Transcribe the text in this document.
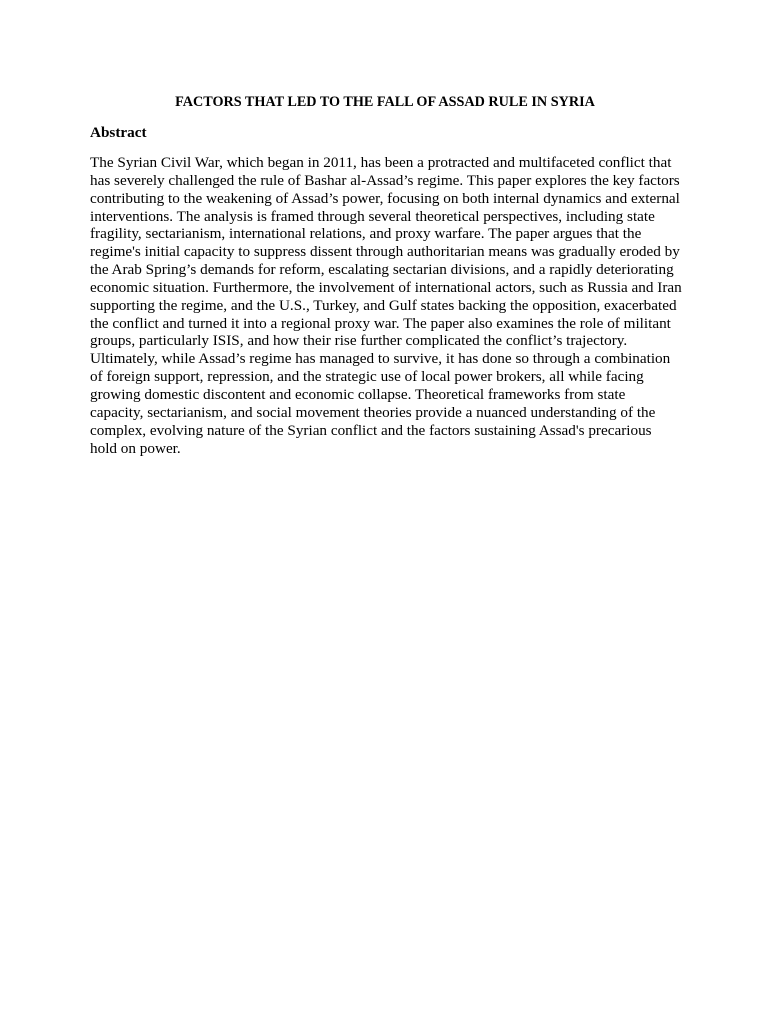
FACTORS THAT LED TO THE FALL OF ASSAD RULE IN SYRIA
Abstract

The Syrian Civil War, which began in 2011, has been a protracted and multifaceted conflict that
has severely challenged the rule of Bashar al-Assad’s regime. This paper explores the key factors
contributing to the weakening of Assad’s power, focusing on both internal dynamics and external
interventions. The analysis is framed through several theoretical perspectives, including state
fragility, sectarianism, international relations, and proxy warfare. The paper argues that the
regime's initial capacity to suppress dissent through authoritarian means was gradually eroded by
the Arab Spring’s demands for reform, escalating sectarian divisions, and a rapidly deteriorating
economic situation. Furthermore, the involvement of international actors, such as Russia and Iran
supporting the regime, and the U.S., Turkey, and Gulf states backing the opposition, exacerbated
the conflict and turned it into a regional proxy war. The paper also examines the role of militant
groups, particularly ISIS, and how their rise further complicated the conflict’s trajectory.
Ultimately, while Assad’s regime has managed to survive, it has done so through a combination
of foreign support, repression, and the strategic use of local power brokers, all while facing
growing domestic discontent and economic collapse. Theoretical frameworks from state
capacity, sectarianism, and social movement theories provide a nuanced understanding of the
complex, evolving nature of the Syrian conflict and the factors sustaining Assad's precarious
hold on power.
